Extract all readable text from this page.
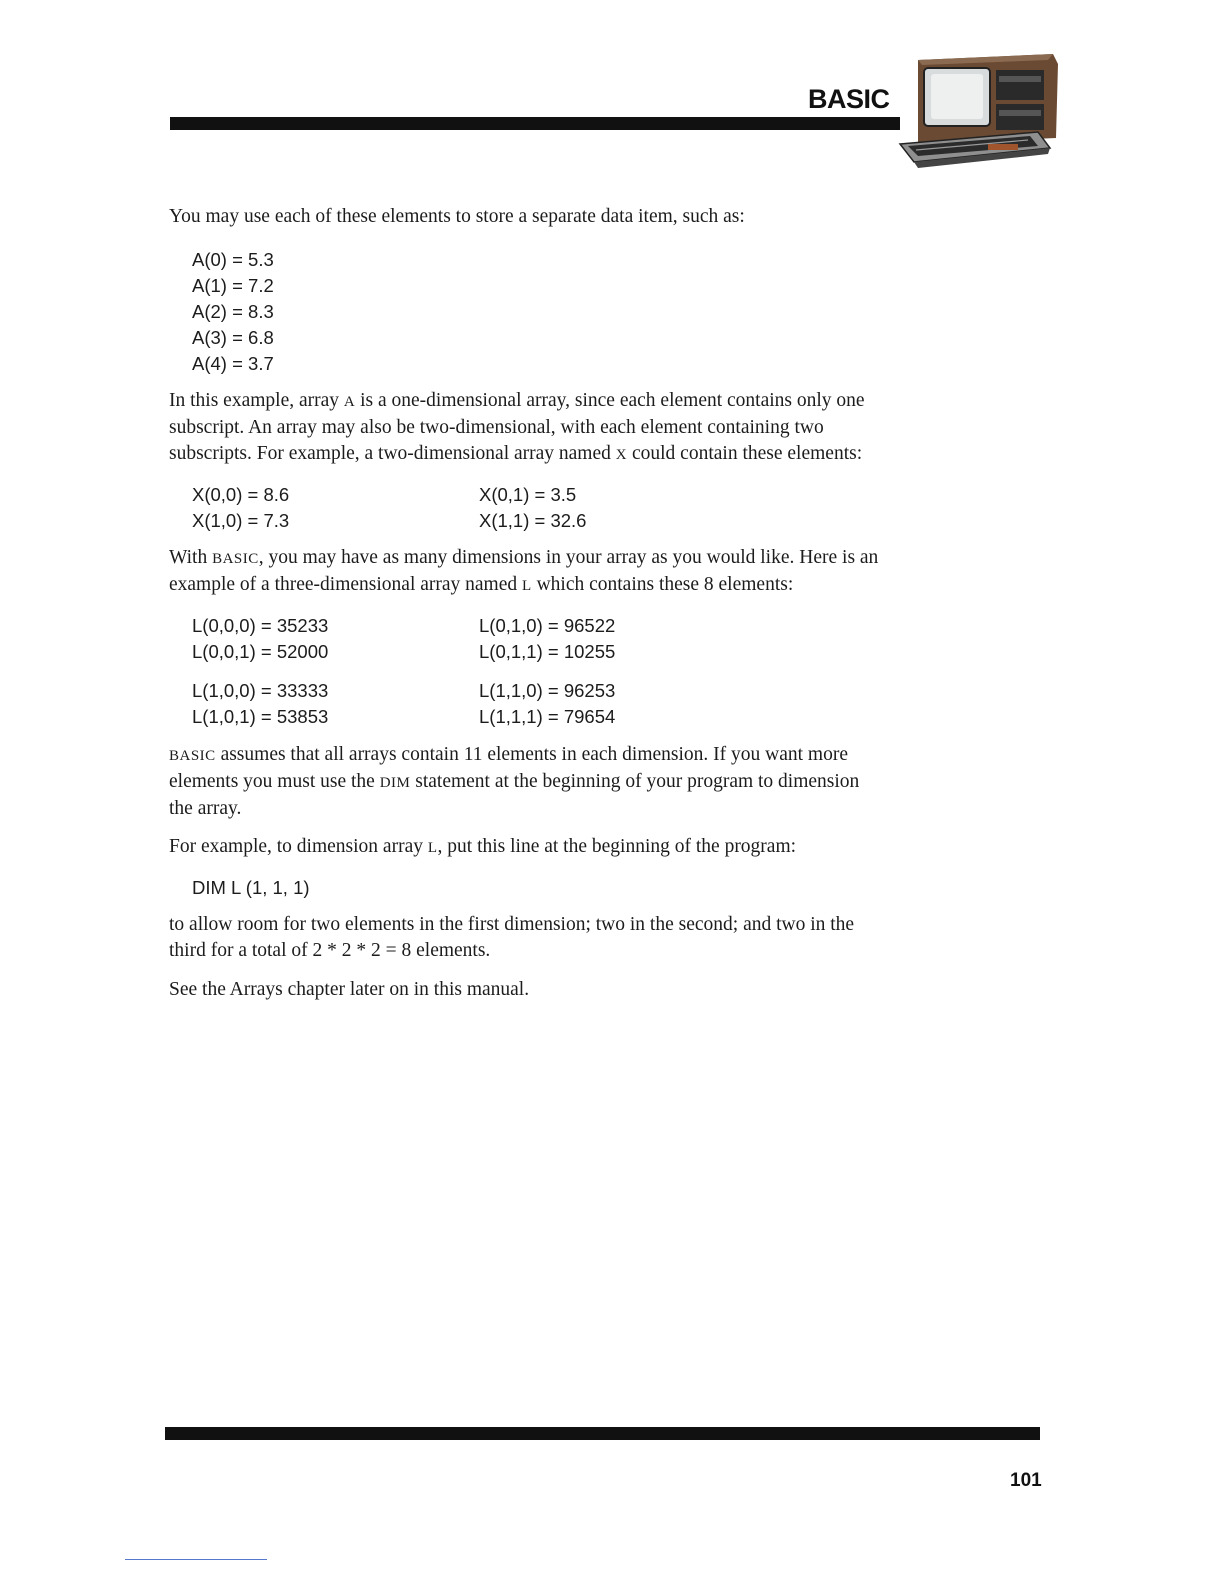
BASIC

You may use each of these elements to store a separate data item, such as:

A(0) = 5.3
A(1) = 7.2
A(2) = 8.3
A(3) = 6.8
A(4) = 3.7

In this example, array A is a one-dimensional array, since each element contains only one subscript. An array may also be two-dimensional, with each element containing two subscripts. For example, a two-dimensional array named X could contain these elements:

X(0,0) = 8.6	X(0,1) = 3.5
X(1,0) = 7.3	X(1,1) = 32.6

With BASIC, you may have as many dimensions in your array as you would like. Here is an example of a three-dimensional array named L which contains these 8 elements:

L(0,0,0) = 35233	L(0,1,0) = 96522
L(0,0,1) = 52000	L(0,1,1) = 10255
L(1,0,0) = 33333	L(1,1,0) = 96253
L(1,0,1) = 53853	L(1,1,1) = 79654

BASIC assumes that all arrays contain 11 elements in each dimension. If you want more elements you must use the DIM statement at the beginning of your program to dimension the array.

For example, to dimension array L, put this line at the beginning of the program:

DIM L (1, 1, 1)

to allow room for two elements in the first dimension; two in the second; and two in the third for a total of 2 * 2 * 2 = 8 elements.

See the Arrays chapter later on in this manual.

101
